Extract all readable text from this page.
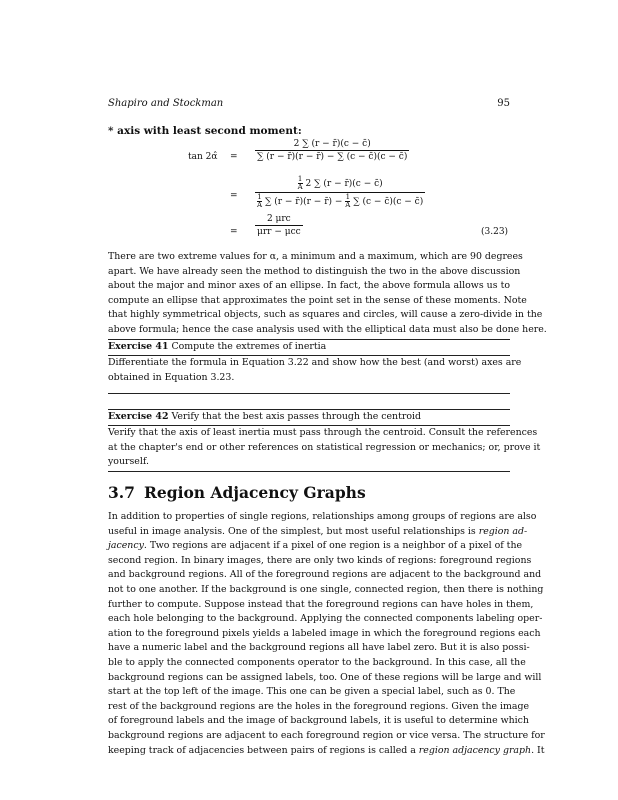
Shapiro and Stockman	95
* axis with least second moment:
tan 2α̂ = $\frac{2 \sum (r - r̄)(c - c̄)}{\sum (r - r̄)(r - r̄) - \sum (c - c̄)(c - c̄)}$
=
$\frac{1}{A} 2$ ∑ (r − r̄)(c − c̄)
$\frac{1}{A}$ ∑ (r − r̄)(r − r̄) − $\frac{1}{A}$ ∑ (c − c̄)(c − c̄)
= $\frac{\text{2 μrc}}{\text{μrr − μcc}}$	(3.23)
There are two extreme values for α, a minimum and a maximum, which are 90 degrees
apart. We have already seen the method to distinguish the two in the above discussion
about the major and minor axes of an ellipse. In fact, the above formula allows us to
compute an ellipse that approximates the point set in the sense of these moments. Note
that highly symmetrical objects, such as squares and circles, will cause a zero-divide in the
above formula; hence the case analysis used with the elliptical data must also be done here.
Exercise 41 Compute the extremes of inertia
Differentiate the formula in Equation 3.22 and show how the best (and worst) axes are
obtained in Equation 3.23.
Exercise 42 Verify that the best axis passes through the centroid
Verify that the axis of least inertia must pass through the centroid. Consult the references
at the chapter's end or other references on statistical regression or mechanics; or, prove it
yourself.
3.7 Region Adjacency Graphs
In addition to properties of single regions, relationships among groups of regions are also
useful in image analysis. One of the simplest, but most useful relationships is region ad-
jacency. Two regions are adjacent if a pixel of one region is a neighbor of a pixel of the
second region. In binary images, there are only two kinds of regions: foreground regions
and background regions. All of the foreground regions are adjacent to the background and
not to one another. If the background is one single, connected region, then there is nothing
further to compute. Suppose instead that the foreground regions can have holes in them,
each hole belonging to the background. Applying the connected components labeling oper-
ation to the foreground pixels yields a labeled image in which the foreground regions each
have a numeric label and the background regions all have label zero. But it is also possi-
ble to apply the connected components operator to the background. In this case, all the
background regions can be assigned labels, too. One of these regions will be large and will
start at the top left of the image. This one can be given a special label, such as 0. The
rest of the background regions are the holes in the foreground regions. Given the image
of foreground labels and the image of background labels, it is useful to determine which
background regions are adjacent to each foreground region or vice versa. The structure for
keeping track of adjacencies between pairs of regions is called a region adjacency graph. It
